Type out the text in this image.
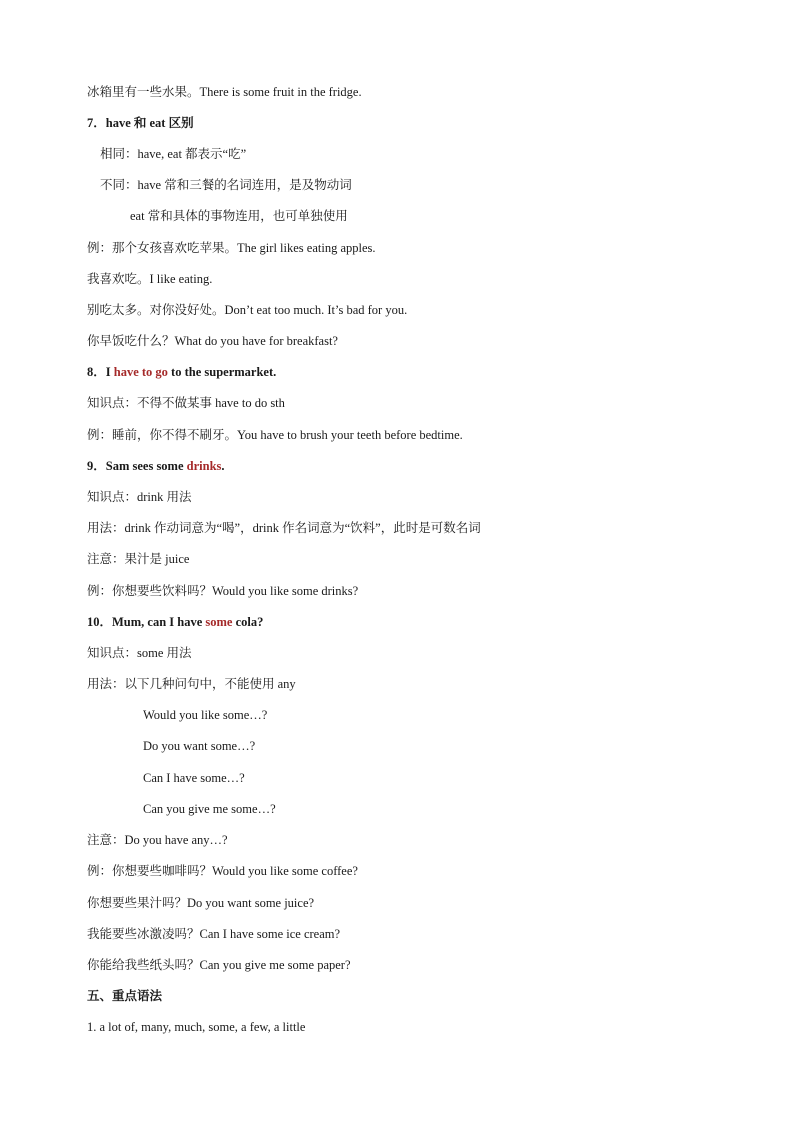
冰箱里有一些水果。There is some fruit in the fridge.
7．have 和 eat 区别
相同：have, eat 都表示“吃”
不同：have 常和三餐的名词连用，是及物动词
eat 常和具体的事物连用，也可单独使用
例：那个女孩喜欢吃苹果。The girl likes eating apples.
我喜欢吃。I like eating.
别吃太多。对你没好处。Don’t eat too much. It’s bad for you.
你早饭吃什么？What do you have for breakfast?
8．I have to go to the supermarket.
知识点：不得不做某事 have to do sth
例：睡前，你不得不刷牙。You have to brush your teeth before bedtime.
9．Sam sees some drinks.
知识点：drink 用法
用法：drink 作动词意为“喝”，drink 作名词意为“饮料”，此时是可数名词
注意：果汁是 juice
例：你想要些饮料吗？Would you like some drinks?
10．Mum, can I have some cola?
知识点：some 用法
用法：以下几种问句中，不能使用 any
Would you like some…?
Do you want some…?
Can I have some…?
Can you give me some…?
注意：Do you have any…?
例：你想要些咖啡吗？Would you like some coffee?
你想要些果汁吗？Do you want some juice?
我能要些冰激凌吗？Can I have some ice cream?
你能给我些纸头吗？Can you give me some paper?
五、重点语法
1. a lot of, many, much, some, a few, a little
